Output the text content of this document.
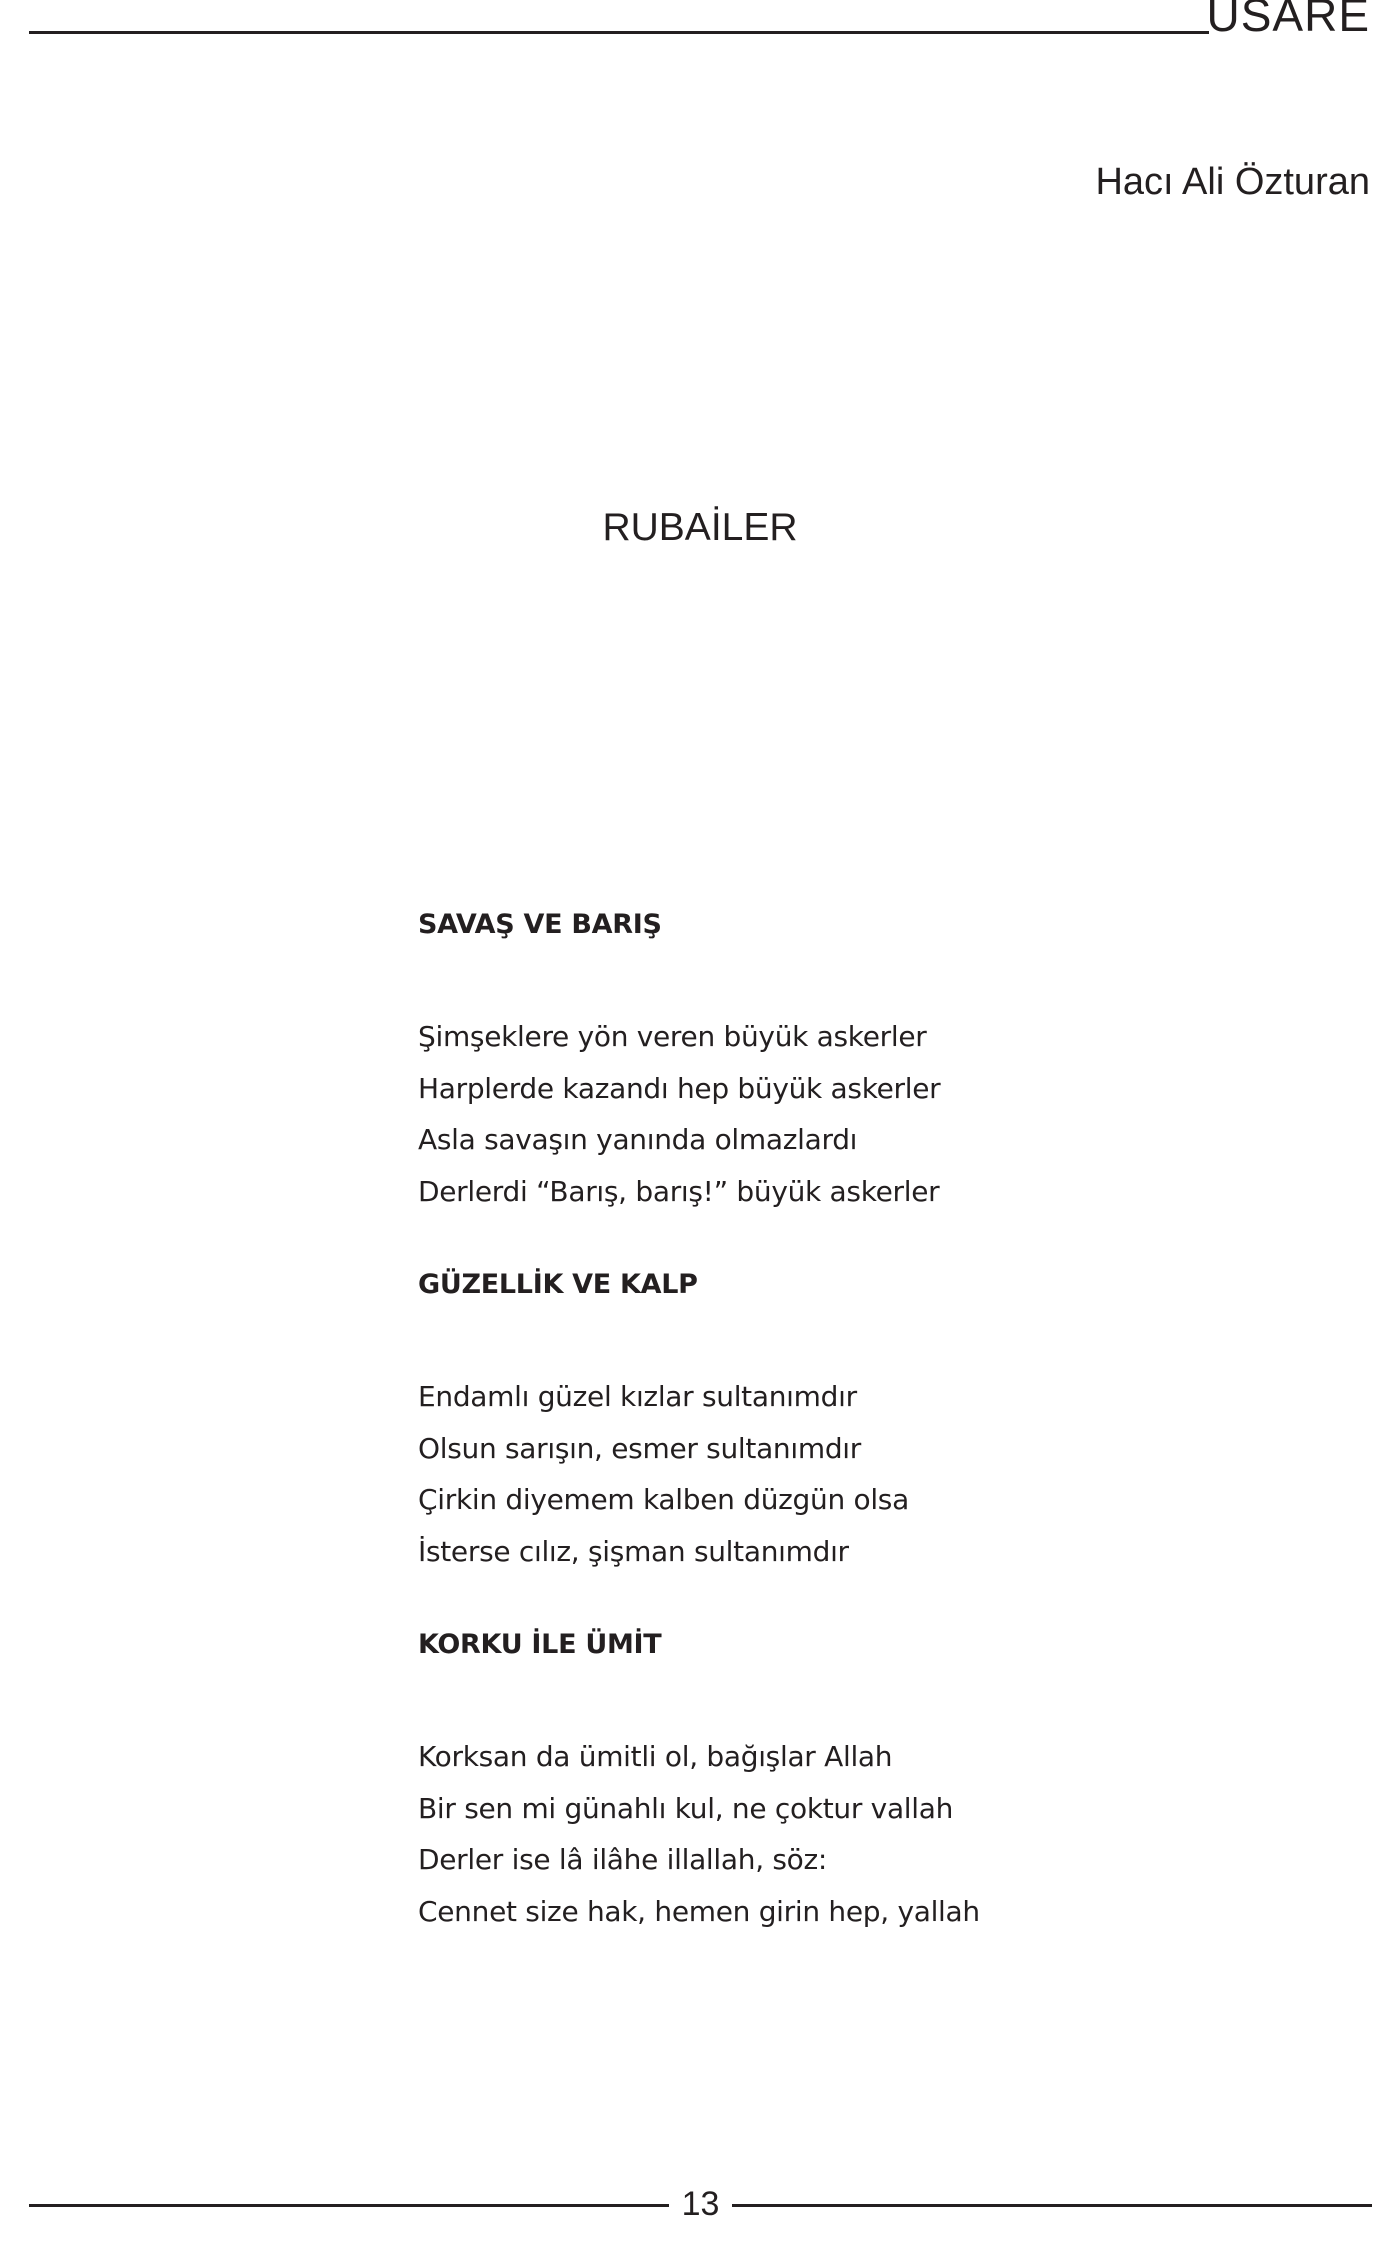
USARE
Hacı Ali Özturan
RUBAİLER
SAVAŞ VE BARIŞ
Şimşeklere yön veren büyük askerler
Harplerde kazandı hep büyük askerler
Asla savaşın yanında olmazlardı
Derlerdi “Barış, barış!” büyük askerler
GÜZELLİK VE KALP
Endamlı güzel kızlar sultanımdır
Olsun sarışın, esmer sultanımdır
Çirkin diyemem kalben düzgün olsa
İsterse cılız, şişman sultanımdır
KORKU İLE ÜMİT
Korksan da ümitli ol, bağışlar Allah
Bir sen mi günahlı kul, ne çoktur vallah
Derler ise lâ ilâhe illallah, söz:
Cennet size hak, hemen girin hep, yallah
13
